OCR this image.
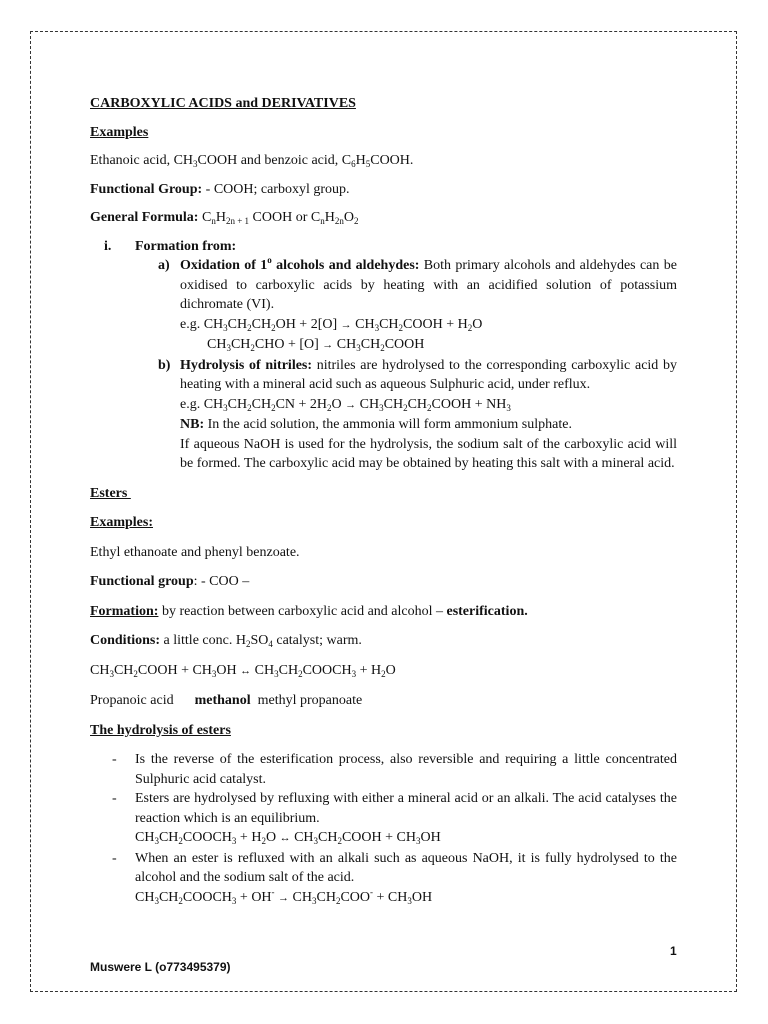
CARBOXYLIC ACIDS and DERIVATIVES

Examples

Ethanoic acid, $CH_3COOH$ and benzoic acid, $C_6H_5COOH$.

Functional Group: - COOH; carboxyl group.

General Formula: $C_nH_{2n + 1}$ COOH or $C_nH_{2n}O_2$

i. Formation from:
a) Oxidation of 1$^o$ alcohols and aldehydes: Both primary alcohols and aldehydes can be oxidised to carboxylic acids by heating with an acidified solution of potassium dichromate (VI).
e.g. $CH_3CH_2CH_2OH + 2[O]$ → $CH_3CH_2COOH + H_2O$
$CH_3CH_2CHO + [O]$ → $CH_3CH_2COOH$
b) Hydrolysis of nitriles: nitriles are hydrolysed to the corresponding carboxylic acid by heating with a mineral acid such as aqueous Sulphuric acid, under reflux.
e.g. $CH_3CH_2CH_2CN + 2H_2O$ → $CH_3CH_2CH_2COOH + NH_3$
NB: In the acid solution, the ammonia will form ammonium sulphate.
If aqueous NaOH is used for the hydrolysis, the sodium salt of the carboxylic acid will be formed. The carboxylic acid may be obtained by heating this salt with a mineral acid.

Esters

Examples:

Ethyl ethanoate and phenyl benzoate.

Functional group: - COO –

Formation: by reaction between carboxylic acid and alcohol – esterification.

Conditions: a little conc. $H_2SO_4$ catalyst; warm.

$CH_3CH_2COOH + CH_3OH$ ↔ $CH_3CH_2COOCH_3 + H_2O$

Propanoic acid methanol methyl propanoate

The hydrolysis of esters

- Is the reverse of the esterification process, also reversible and requiring a little concentrated Sulphuric acid catalyst.
- Esters are hydrolysed by refluxing with either a mineral acid or an alkali. The acid catalyses the reaction which is an equilibrium.
$CH_3CH_2COOCH_3 + H_2O$ ↔ $CH_3CH_2COOH + CH_3OH$
- When an ester is refluxed with an alkali such as aqueous NaOH, it is fully hydrolysed to the alcohol and the sodium salt of the acid.
$CH_3CH_2COOCH_3 + OH^- \to CH_3CH_2COO^- + CH_3OH$
1
Muswere L (o773495379)
